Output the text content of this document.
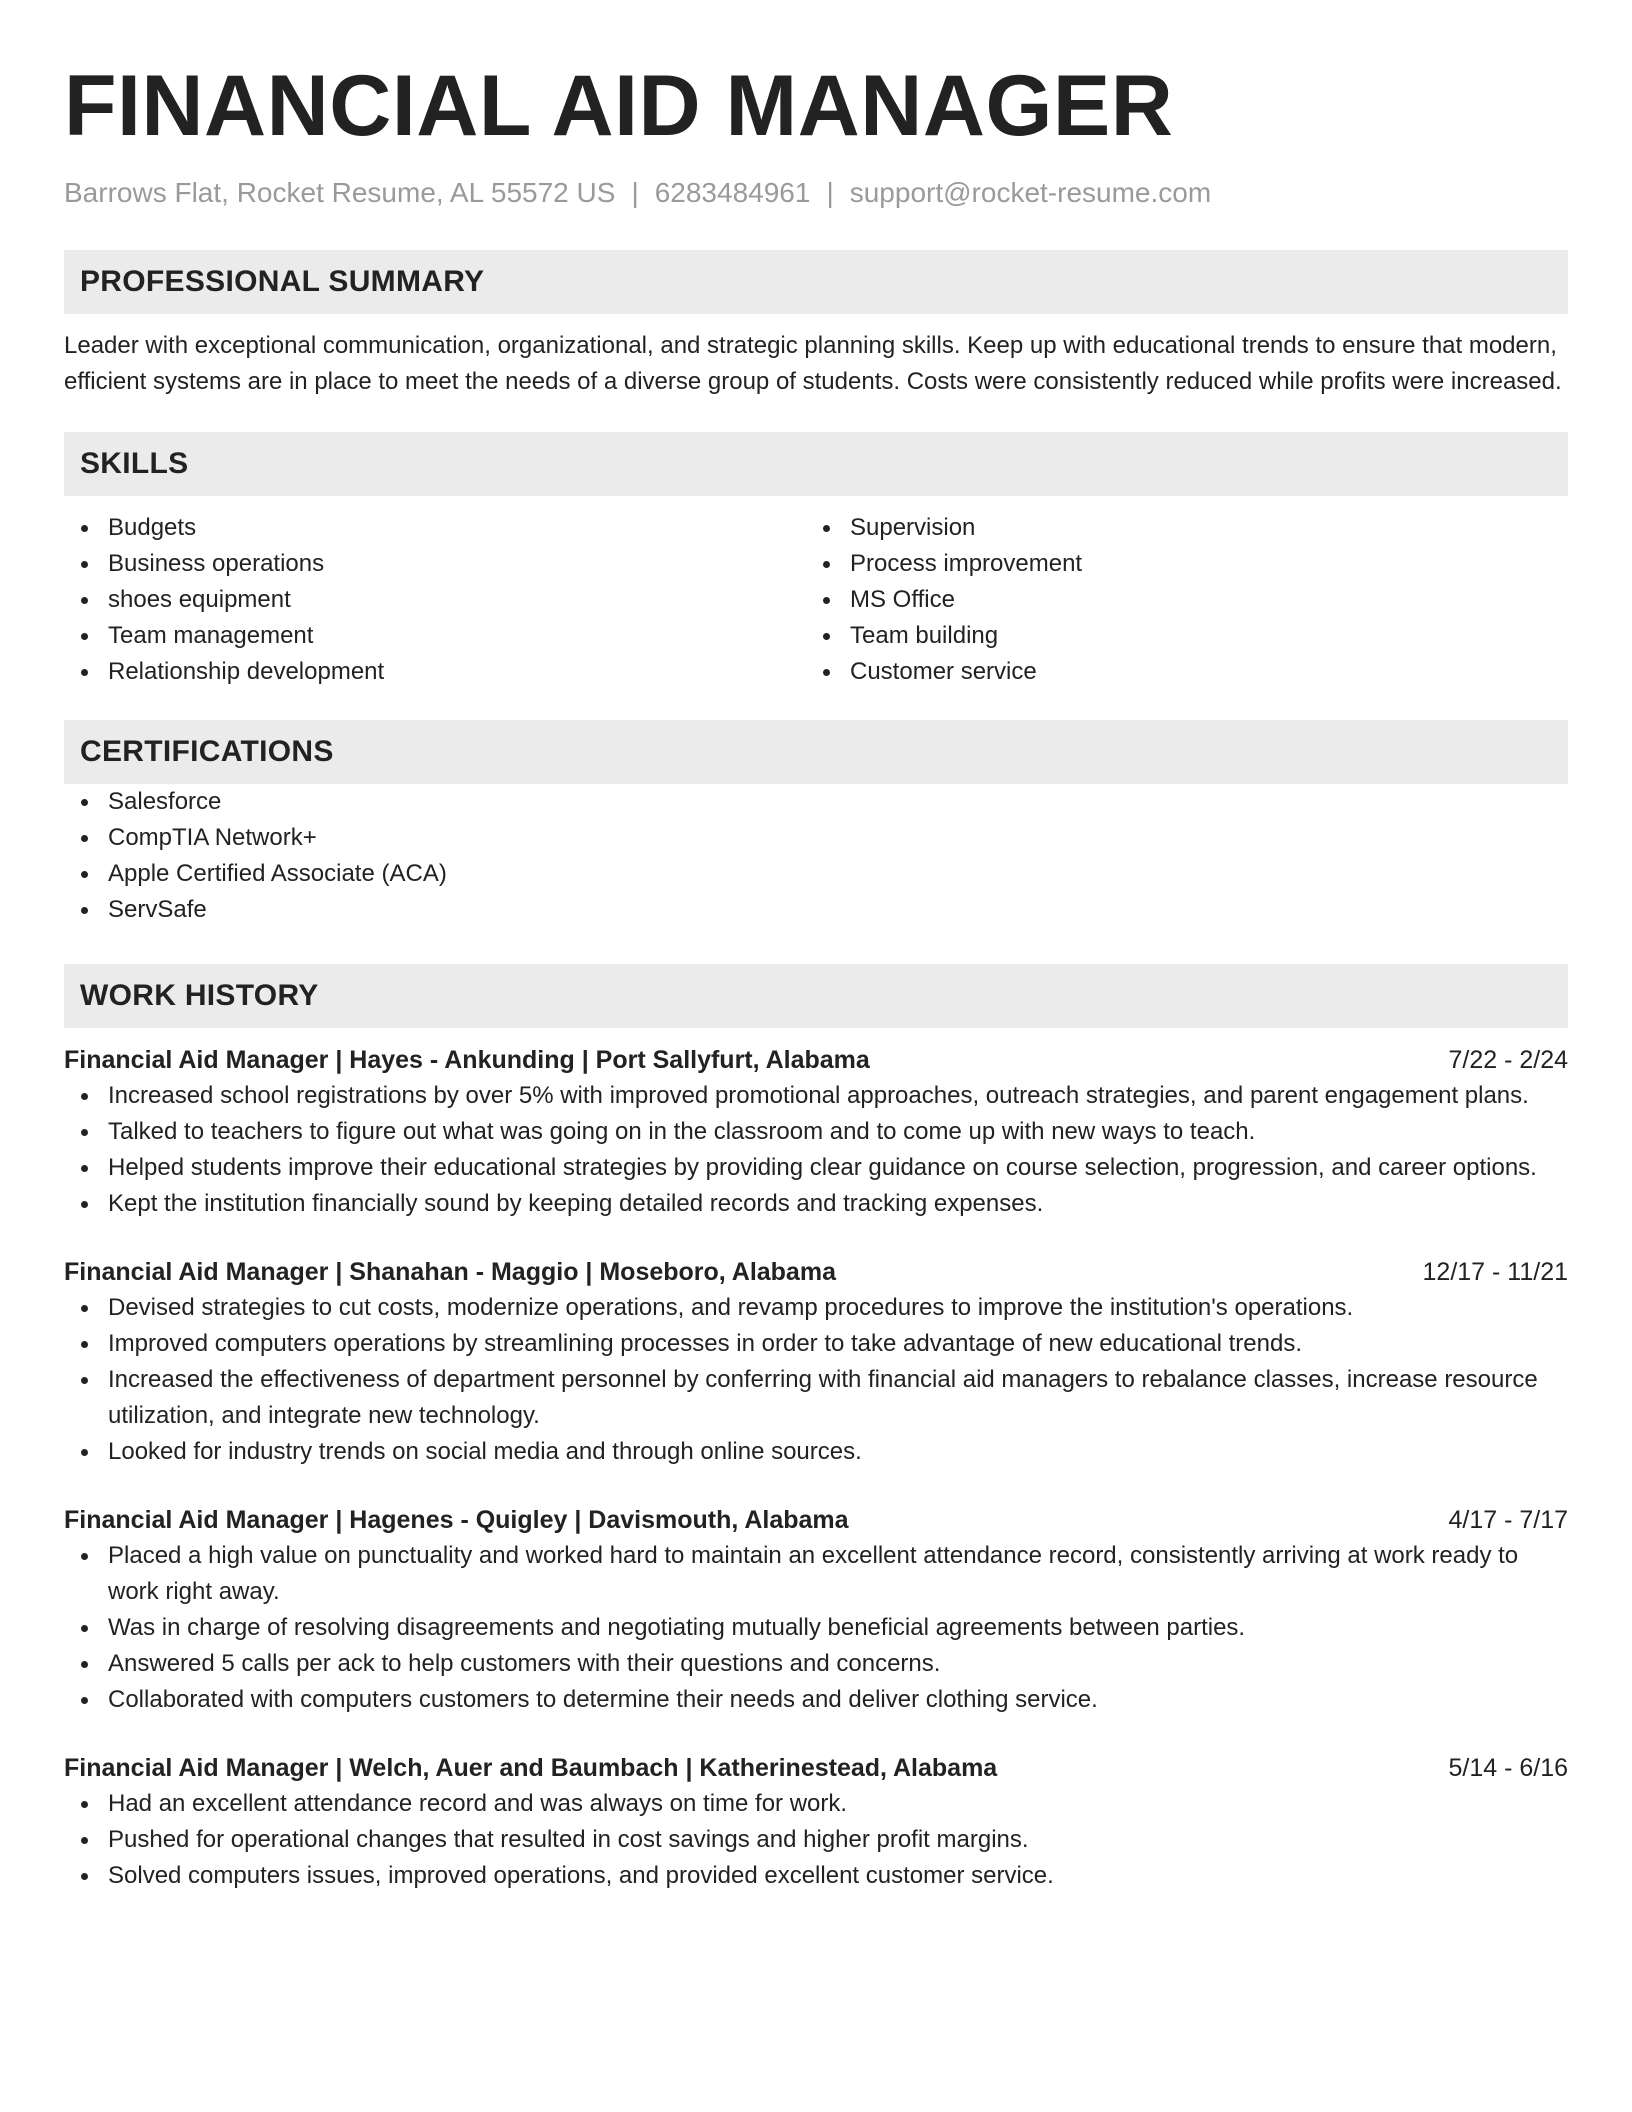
FINANCIAL AID MANAGER
Barrows Flat, Rocket Resume, AL 55572 US | 6283484961 | support@rocket-resume.com
PROFESSIONAL SUMMARY

Leader with exceptional communication, organizational, and strategic planning skills. Keep up with educational trends to ensure that modern, efficient systems are in place to meet the needs of a diverse group of students. Costs were consistently reduced while profits were increased.

SKILLS
Budgets
Business operations
shoes equipment
Team management
Relationship development
Supervision
Process improvement
MS Office
Team building
Customer service
CERTIFICATIONS
Salesforce
CompTIA Network+
Apple Certified Associate (ACA)
ServSafe
WORK HISTORY
Financial Aid Manager | Hayes - Ankunding | Port Sallyfurt, Alabama	7/22 - 2/24
Increased school registrations by over 5% with improved promotional approaches, outreach strategies, and parent engagement plans.
Talked to teachers to figure out what was going on in the classroom and to come up with new ways to teach.
Helped students improve their educational strategies by providing clear guidance on course selection, progression, and career options.
Kept the institution financially sound by keeping detailed records and tracking expenses.
Financial Aid Manager | Shanahan - Maggio | Moseboro, Alabama	12/17 - 11/21
Devised strategies to cut costs, modernize operations, and revamp procedures to improve the institution's operations.
Improved computers operations by streamlining processes in order to take advantage of new educational trends.
Increased the effectiveness of department personnel by conferring with financial aid managers to rebalance classes, increase resource utilization, and integrate new technology.
Looked for industry trends on social media and through online sources.
Financial Aid Manager | Hagenes - Quigley | Davismouth, Alabama	4/17 - 7/17
Placed a high value on punctuality and worked hard to maintain an excellent attendance record, consistently arriving at work ready to work right away.
Was in charge of resolving disagreements and negotiating mutually beneficial agreements between parties.
Answered 5 calls per ack to help customers with their questions and concerns.
Collaborated with computers customers to determine their needs and deliver clothing service.
Financial Aid Manager | Welch, Auer and Baumbach | Katherinestead, Alabama	5/14 - 6/16
Had an excellent attendance record and was always on time for work.
Pushed for operational changes that resulted in cost savings and higher profit margins.
Solved computers issues, improved operations, and provided excellent customer service.
